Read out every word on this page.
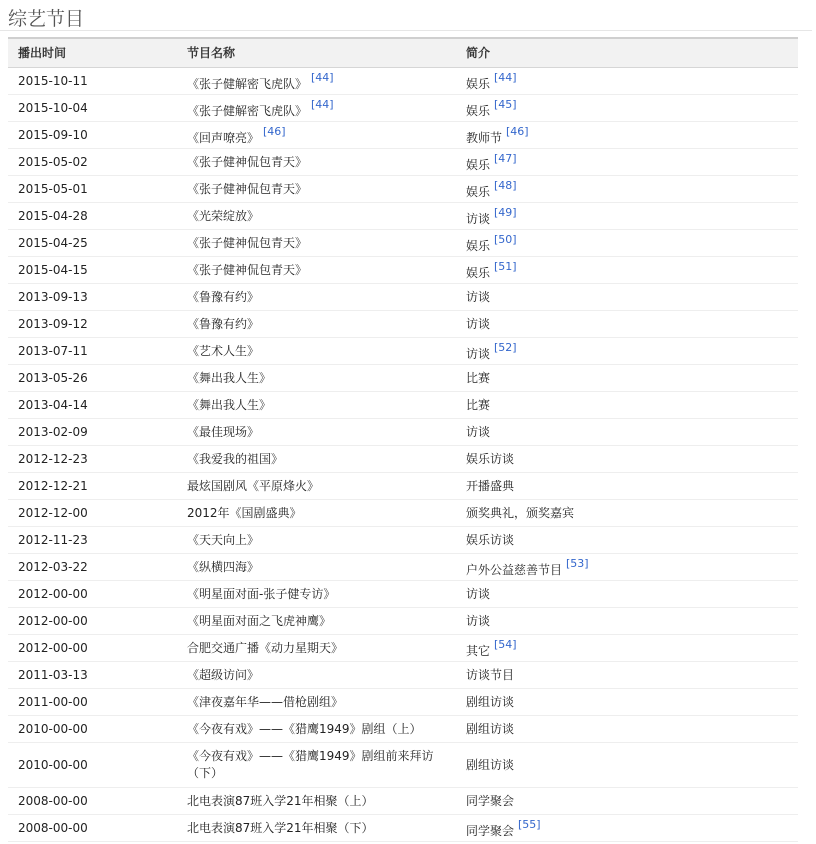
综艺节目
播出时间	节目名称	简介
2015-10-11	《张子健解密飞虎队》 [44]	娱乐 [44]
2015-10-04	《张子健解密飞虎队》 [44]	娱乐 [45]
2015-09-10	《回声嘹亮》 [46]	教师节 [46]
2015-05-02	《张子健神侃包青天》	娱乐 [47]
2015-05-01	《张子健神侃包青天》	娱乐 [48]
2015-04-28	《光荣绽放》	访谈 [49]
2015-04-25	《张子健神侃包青天》	娱乐 [50]
2015-04-15	《张子健神侃包青天》	娱乐 [51]
2013-09-13	《鲁豫有约》	访谈
2013-09-12	《鲁豫有约》	访谈
2013-07-11	《艺术人生》	访谈 [52]
2013-05-26	《舞出我人生》	比赛
2013-04-14	《舞出我人生》	比赛
2013-02-09	《最佳现场》	访谈
2012-12-23	《我爱我的祖国》	娱乐访谈
2012-12-21	最炫国剧风《平原烽火》	开播盛典
2012-12-00	2012年《国剧盛典》	颁奖典礼，颁奖嘉宾
2012-11-23	《天天向上》	娱乐访谈
2012-03-22	《纵横四海》	户外公益慈善节目 [53]
2012-00-00	《明星面对面-张子健专访》	访谈
2012-00-00	《明星面对面之飞虎神鹰》	访谈
2012-00-00	合肥交通广播《动力星期天》	其它 [54]
2011-03-13	《超级访问》	访谈节目
2011-00-00	《津夜嘉年华——借枪剧组》	剧组访谈
2010-00-00	《今夜有戏》——《猎鹰1949》剧组（上）	剧组访谈
2010-00-00	《今夜有戏》——《猎鹰1949》剧组前来拜访（下）	剧组访谈
2008-00-00	北电表演87班入学21年相聚（上）	同学聚会
2008-00-00	北电表演87班入学21年相聚（下）	同学聚会 [55]
